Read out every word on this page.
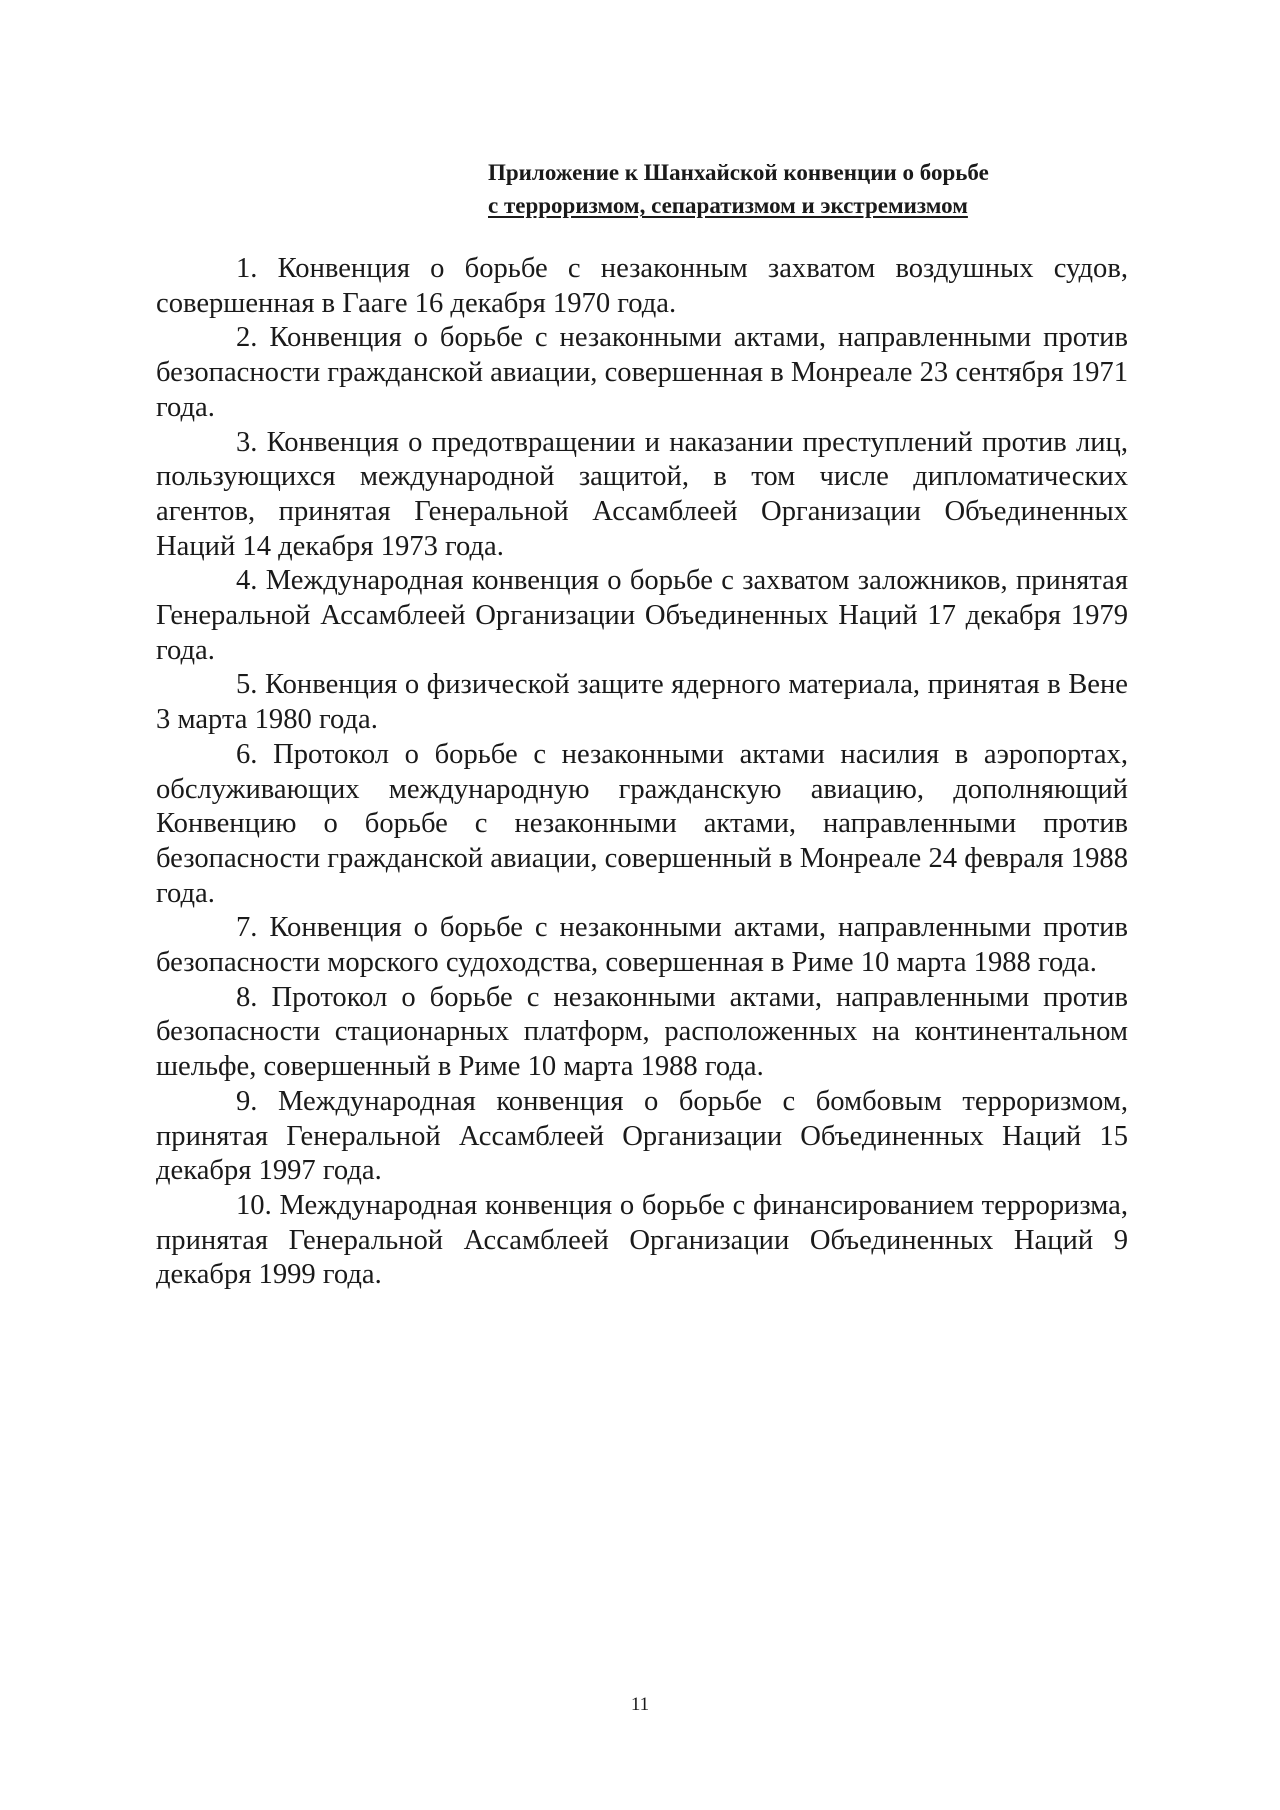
Приложение к Шанхайской конвенции о борьбе
с терроризмом, сепаратизмом и экстремизмом

1. Конвенция о борьбе с незаконным захватом воздушных судов, совершенная в Гааге 16 декабря 1970 года.

2. Конвенция о борьбе с незаконными актами, направленными против безопасности гражданской авиации, совершенная в Монреале 23 сентября 1971 года.

3. Конвенция о предотвращении и наказании преступлений против лиц, пользующихся международной защитой, в том числе дипломатических агентов, принятая Генеральной Ассамблеей Организации Объединенных Наций 14 декабря 1973 года.

4. Международная конвенция о борьбе с захватом заложников, принятая Генеральной Ассамблеей Организации Объединенных Наций 17 декабря 1979 года.

5. Конвенция о физической защите ядерного материала, принятая в Вене 3 марта 1980 года.

6. Протокол о борьбе с незаконными актами насилия в аэропортах, обслуживающих международную гражданскую авиацию, дополняющий Конвенцию о борьбе с незаконными актами, направленными против безопасности гражданской авиации, совершенный в Монреале 24 февраля 1988 года.

7. Конвенция о борьбе с незаконными актами, направленными против безопасности морского судоходства, совершенная в Риме 10 марта 1988 года.

8. Протокол о борьбе с незаконными актами, направленными против безопасности стационарных платформ, расположенных на континентальном шельфе, совершенный в Риме 10 марта 1988 года.

9. Международная конвенция о борьбе с бомбовым терроризмом, принятая Генеральной Ассамблеей Организации Объединенных Наций 15 декабря 1997 года.

10. Международная конвенция о борьбе с финансированием терроризма, принятая Генеральной Ассамблеей Организации Объединенных Наций 9 декабря 1999 года.

11
